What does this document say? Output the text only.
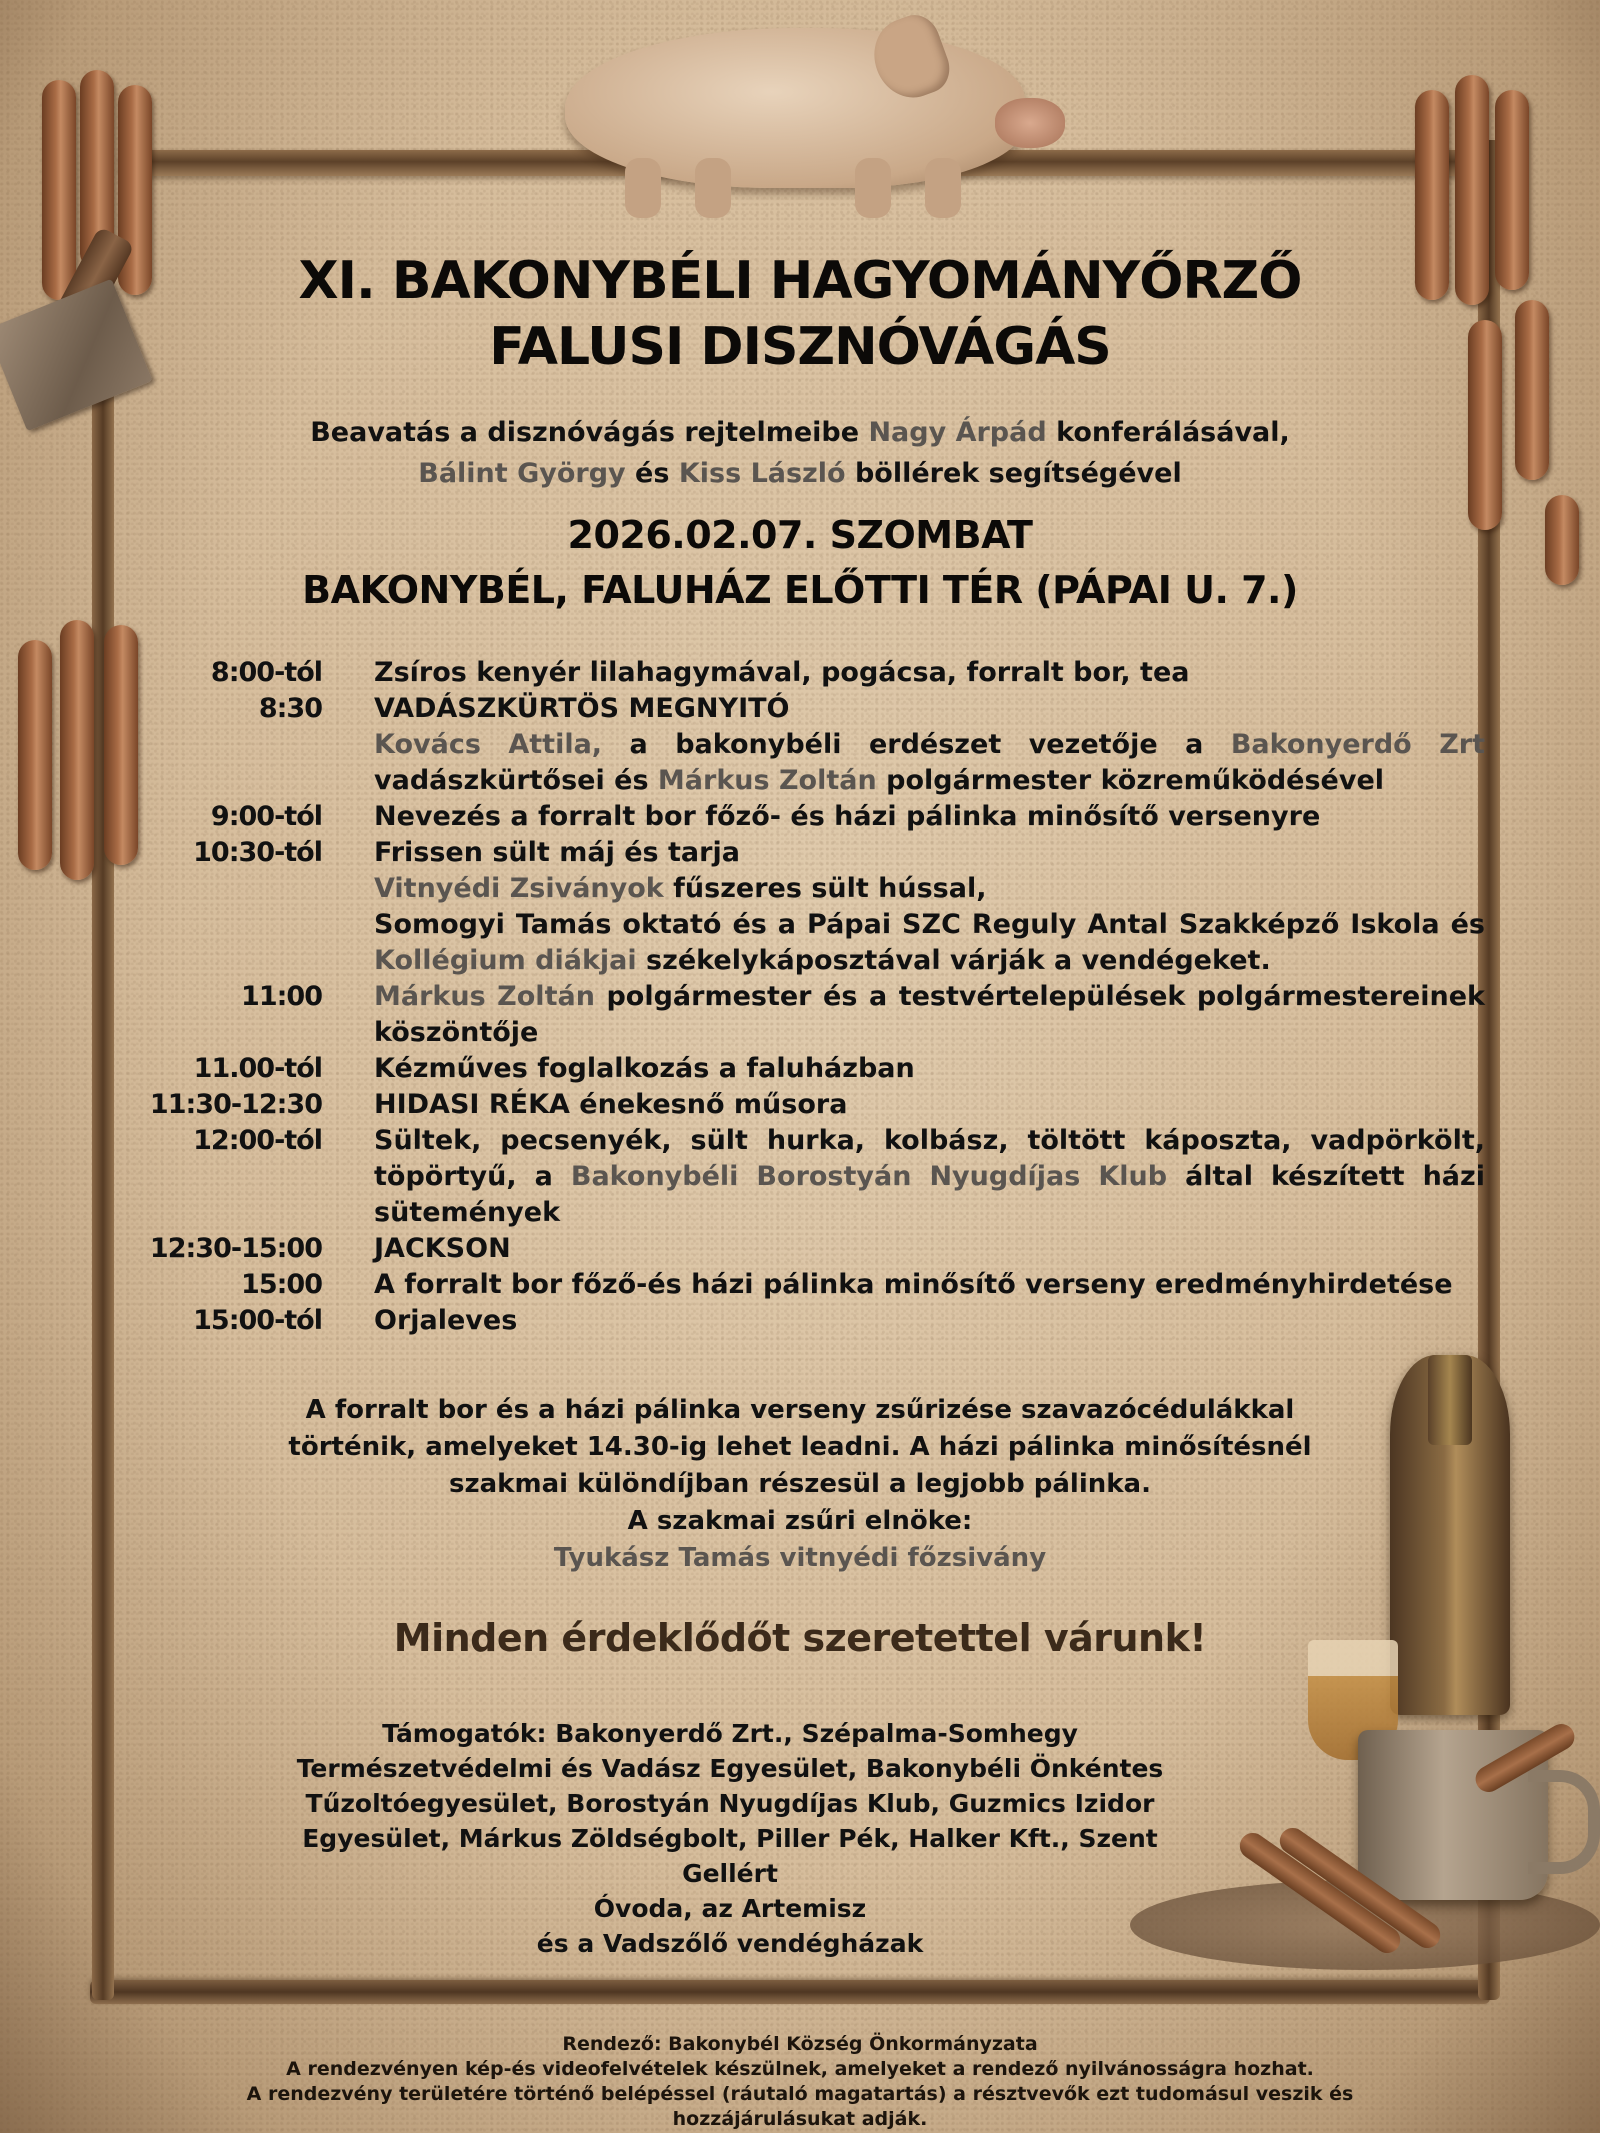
XI. BAKONYBÉLI HAGYOMÁNYŐRZŐ
FALUSI DISZNÓVÁGÁS
Beavatás a disznóvágás rejtelmeibe Nagy Árpád konferálásával,
Bálint György és Kiss László böllérek segítségével
2026.02.07. SZOMBAT
BAKONYBÉL, FALUHÁZ ELŐTTI TÉR (PÁPAI U. 7.)
8:00-tól	Zsíros kenyér lilahagymával, pogácsa, forralt bor, tea
8:30	VADÁSZKÜRTÖS MEGNYITÓ
Kovács Attila, a bakonybéli erdészet vezetője a Bakonyerdő Zrt
vadászkürtősei és Márkus Zoltán polgármester közreműködésével
9:00-tól	Nevezés a forralt bor főző- és házi pálinka minősítő versenyre
10:30-tól	Frissen sült máj és tarja
Vitnyédi Zsiványok fűszeres sült hússal,
Somogyi Tamás oktató és a Pápai SZC Reguly Antal Szakképző Iskola és
Kollégium diákjai székelykáposztával várják a vendégeket.
11:00	Márkus Zoltán polgármester és a testvértelepülések polgármestereinek
köszöntője
11.00-tól	Kézműves foglalkozás a faluházban
11:30-12:30	HIDASI RÉKA énekesnő műsora
12:00-tól	Sültek, pecsenyék, sült hurka, kolbász, töltött káposzta, vadpörkölt,
töpörtyű, a Bakonybéli Borostyán Nyugdíjas Klub által készített házi
sütemények
12:30-15:00	JACKSON
15:00	A forralt bor főző-és házi pálinka minősítő verseny eredményhirdetése
15:00-tól	Orjaleves
A forralt bor és a házi pálinka verseny zsűrizése szavazócédulákkal
történik, amelyeket 14.30-ig lehet leadni. A házi pálinka minősítésnél
szakmai különdíjban részesül a legjobb pálinka.
A szakmai zsűri elnöke:
Tyukász Tamás vitnyédi főzsivány
Minden érdeklődőt szeretettel várunk!
Támogatók: Bakonyerdő Zrt., Szépalma-Somhegy
Természetvédelmi és Vadász Egyesület, Bakonybéli Önkéntes
Tűzoltóegyesület, Borostyán Nyugdíjas Klub, Guzmics Izidor
Egyesület, Márkus Zöldségbolt, Piller Pék, Halker Kft., Szent Gellért
Óvoda, az Artemisz
és a Vadszőlő vendégházak
Rendező: Bakonybél Község Önkormányzata
A rendezvényen kép-és videofelvételek készülnek, amelyeket a rendező nyilvánosságra hozhat.
A rendezvény területére történő belépéssel (ráutaló magatartás) a résztvevők ezt tudomásul veszik és
hozzájárulásukat adják.
